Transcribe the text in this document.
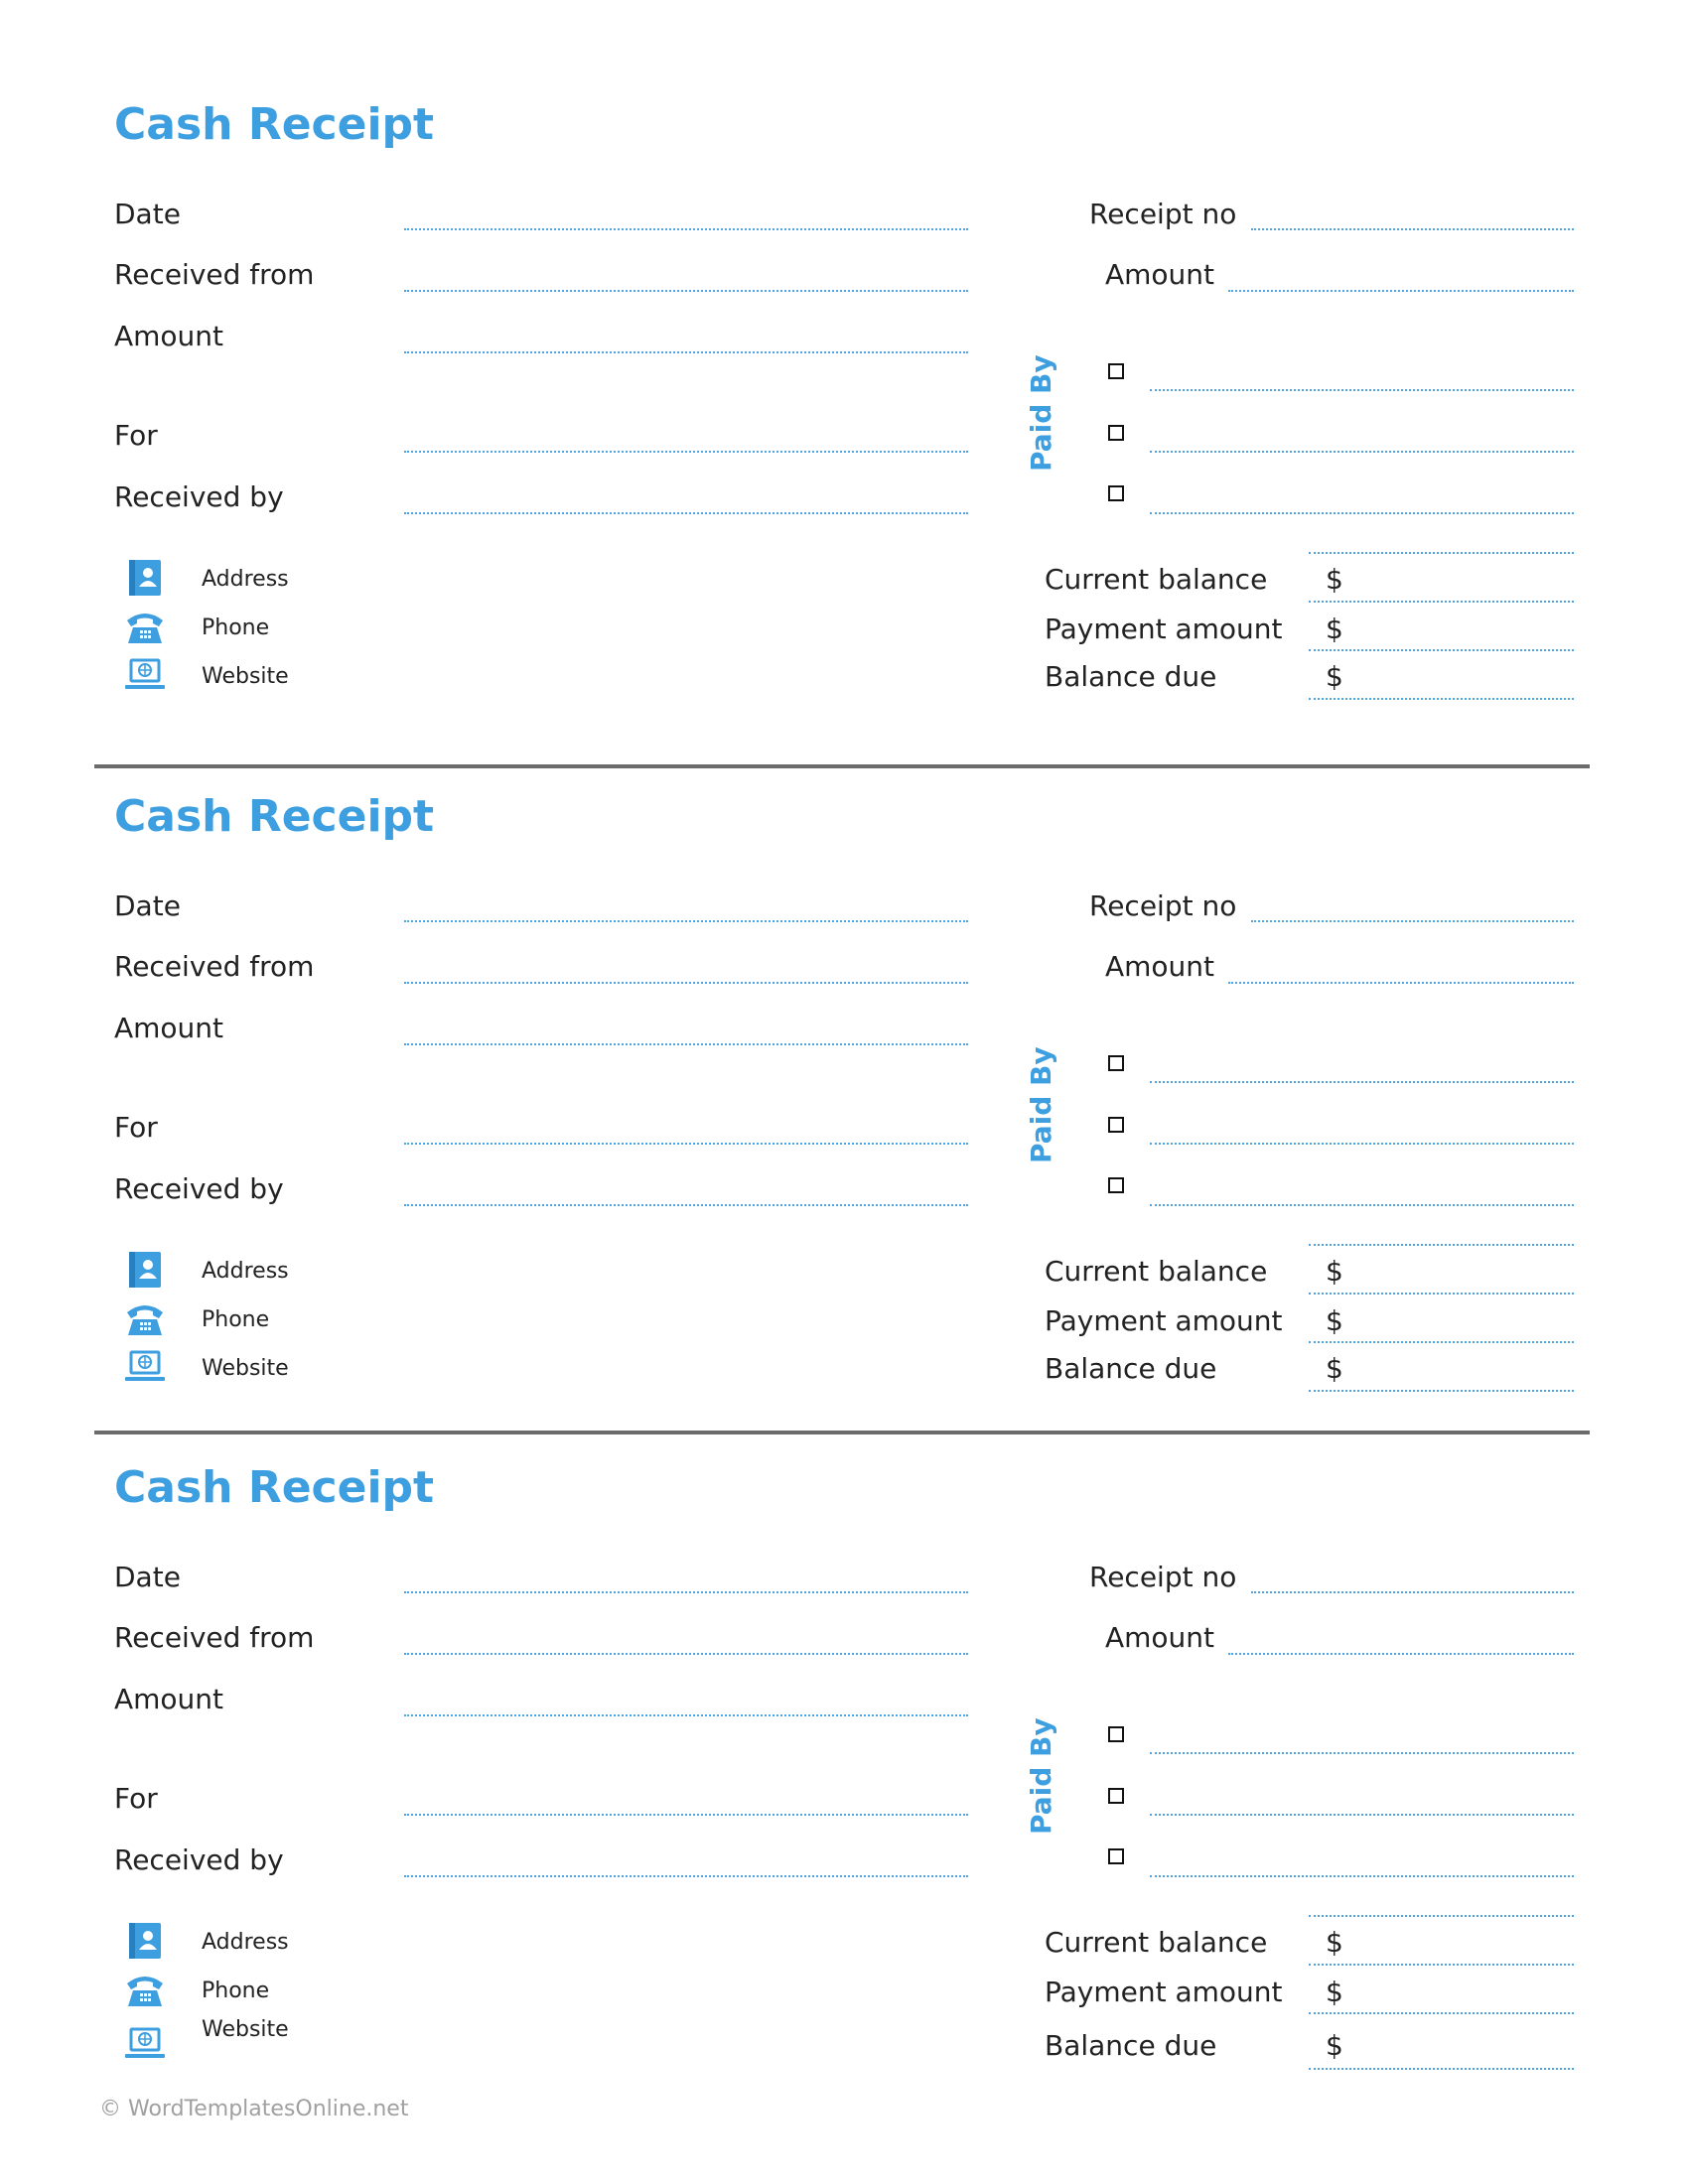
Cash Receipt
Date
Received from
Amount
For
Received by
Address
Phone
Website
Receipt no
Amount
Paid By
Current balance $
Payment amount $
Balance due	$
Cash Receipt
Date
Received from
Amount
For
Received by
Address
Phone
Website
Receipt no
Amount
Paid By
Current balance $
Payment amount $
Balance due	$
Cash Receipt
Date
Received from
Amount
For
Received by
Address
Phone
Website
Receipt no
Amount
Paid By
Current balance $
Payment amount $
Balance due	$
© WordTemplatesOnline.net
